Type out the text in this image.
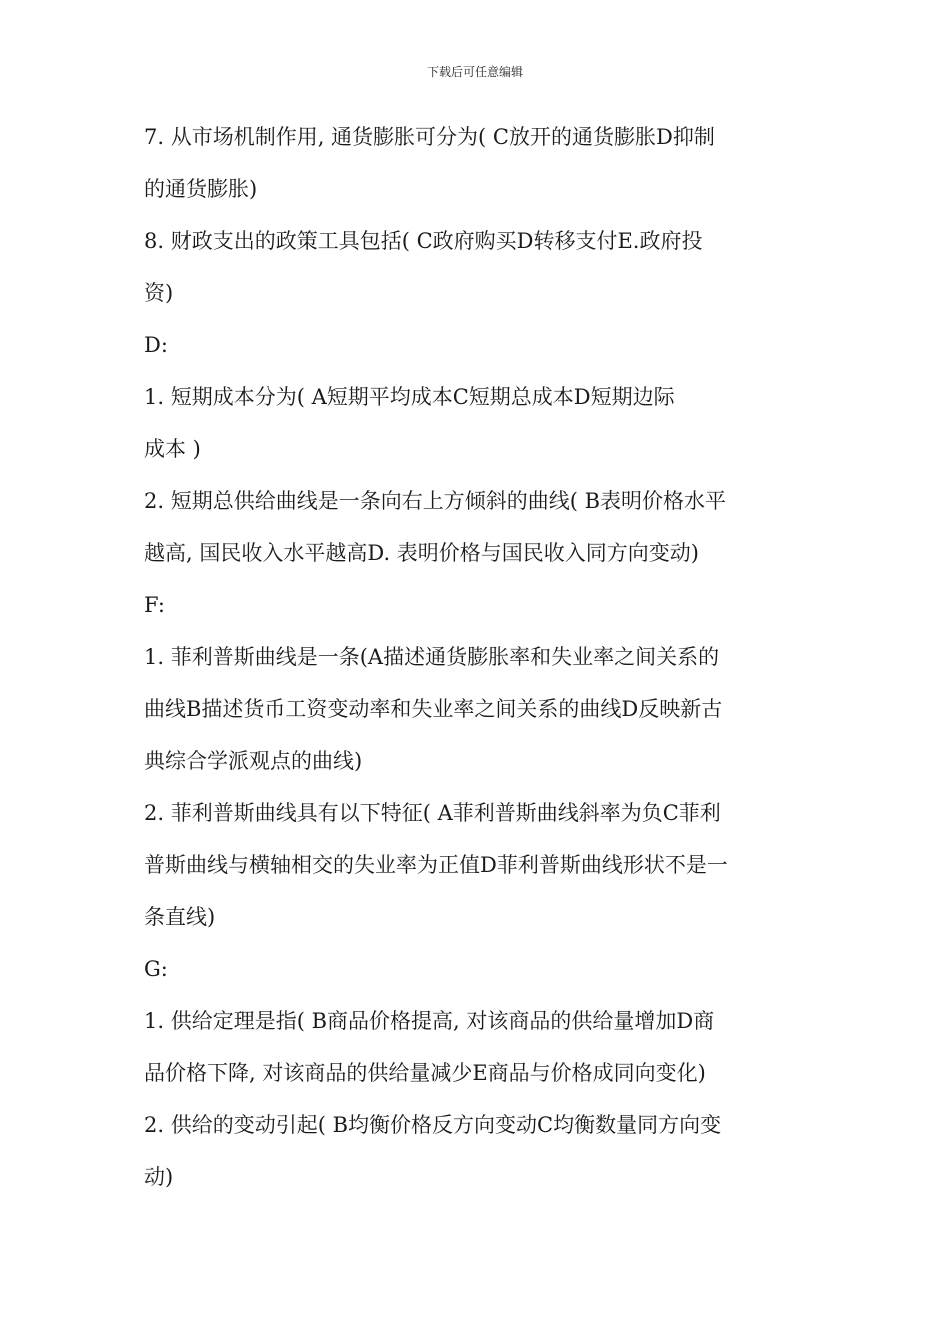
下载后可任意编辑
7. 从市场机制作用, 通货膨胀可分为( C放开的通货膨胀D抑制
的通货膨胀)
8. 财政支出的政策工具包括( C政府购买D转移支付E.政府投
资)
D:
1. 短期成本分为( A短期平均成本C短期总成本D短期边际
成本 )
2. 短期总供给曲线是一条向右上方倾斜的曲线( B表明价格水平
越高, 国民收入水平越高D. 表明价格与国民收入同方向变动)
F:
1. 菲利普斯曲线是一条(A描述通货膨胀率和失业率之间关系的
曲线B描述货币工资变动率和失业率之间关系的曲线D反映新古
典综合学派观点的曲线)
2. 菲利普斯曲线具有以下特征( A菲利普斯曲线斜率为负C菲利
普斯曲线与横轴相交的失业率为正值D菲利普斯曲线形状不是一
条直线)
G:
1. 供给定理是指( B商品价格提高, 对该商品的供给量增加D商
品价格下降, 对该商品的供给量减少E商品与价格成同向变化)
2. 供给的变动引起( B均衡价格反方向变动C均衡数量同方向变
动)
